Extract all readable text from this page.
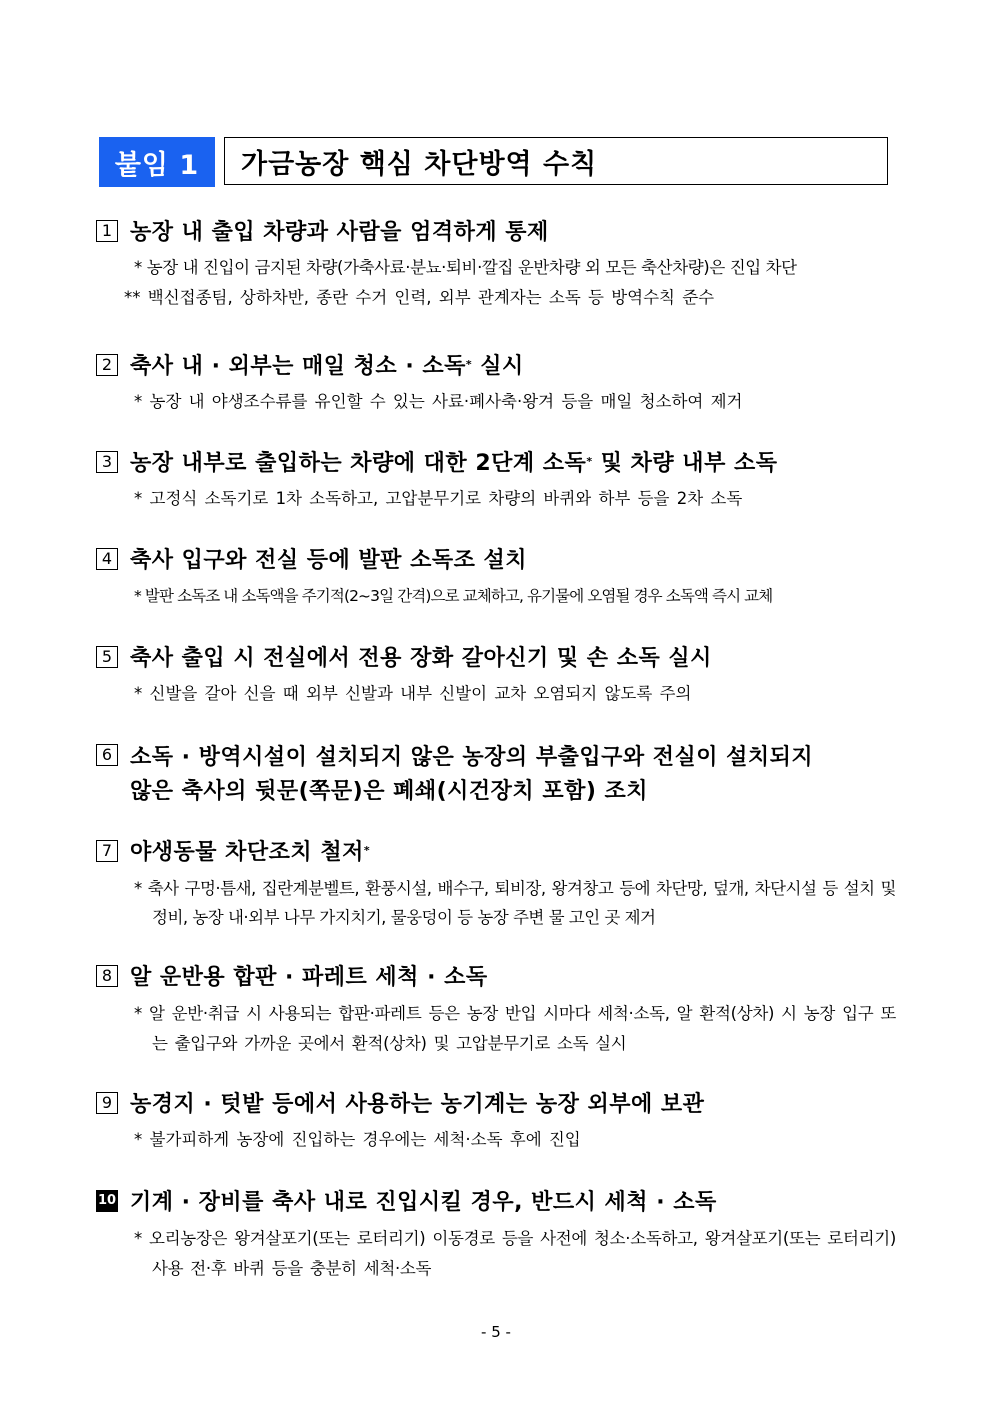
붙임 1	가금농장 핵심 차단방역 수칙
1 농장 내 출입 차량과 사람을 엄격하게 통제
* 농장 내 진입이 금지된 차량(가축사료·분뇨·퇴비·깔집 운반차량 외 모든 축산차량)은 진입 차단
** 백신접종팀, 상하차반, 종란 수거 인력, 외부 관계자는 소독 등 방역수칙 준수
2 축사 내 · 외부는 매일 청소 · 소독* 실시
* 농장 내 야생조수류를 유인할 수 있는 사료·폐사축·왕겨 등을 매일 청소하여 제거
3 농장 내부로 출입하는 차량에 대한 2단계 소독* 및 차량 내부 소독
* 고정식 소독기로 1차 소독하고, 고압분무기로 차량의 바퀴와 하부 등을 2차 소독
4 축사 입구와 전실 등에 발판 소독조 설치
* 발판 소독조 내 소독액을 주기적(2~3일 간격)으로 교체하고, 유기물에 오염될 경우 소독액 즉시 교체
5 축사 출입 시 전실에서 전용 장화 갈아신기 및 손 소독 실시
* 신발을 갈아 신을 때 외부 신발과 내부 신발이 교차 오염되지 않도록 주의
6 소독 · 방역시설이 설치되지 않은 농장의 부출입구와 전실이 설치되지
않은 축사의 뒷문(쪽문)은 폐쇄(시건장치 포함) 조치
7 야생동물 차단조치 철저*
* 축사 구멍·틈새, 집란계분벨트, 환풍시설, 배수구, 퇴비장, 왕겨창고 등에 차단망, 덮개, 차단시설 등 설치 및 정비, 농장 내·외부 나무 가지치기, 물웅덩이 등 농장 주변 물 고인 곳 제거
8 알 운반용 합판 · 파레트 세척 · 소독
* 알 운반·취급 시 사용되는 합판·파레트 등은 농장 반입 시마다 세척·소독, 알 환적(상차) 시 농장 입구 또는 출입구와 가까운 곳에서 환적(상차) 및 고압분무기로 소독 실시
9 농경지 · 텃밭 등에서 사용하는 농기계는 농장 외부에 보관
* 불가피하게 농장에 진입하는 경우에는 세척·소독 후에 진입
10 기계 · 장비를 축사 내로 진입시킬 경우, 반드시 세척 · 소독
* 오리농장은 왕겨살포기(또는 로터리기) 이동경로 등을 사전에 청소·소독하고, 왕겨살포기(또는 로터리기) 사용 전·후 바퀴 등을 충분히 세척·소독
- 5 -
